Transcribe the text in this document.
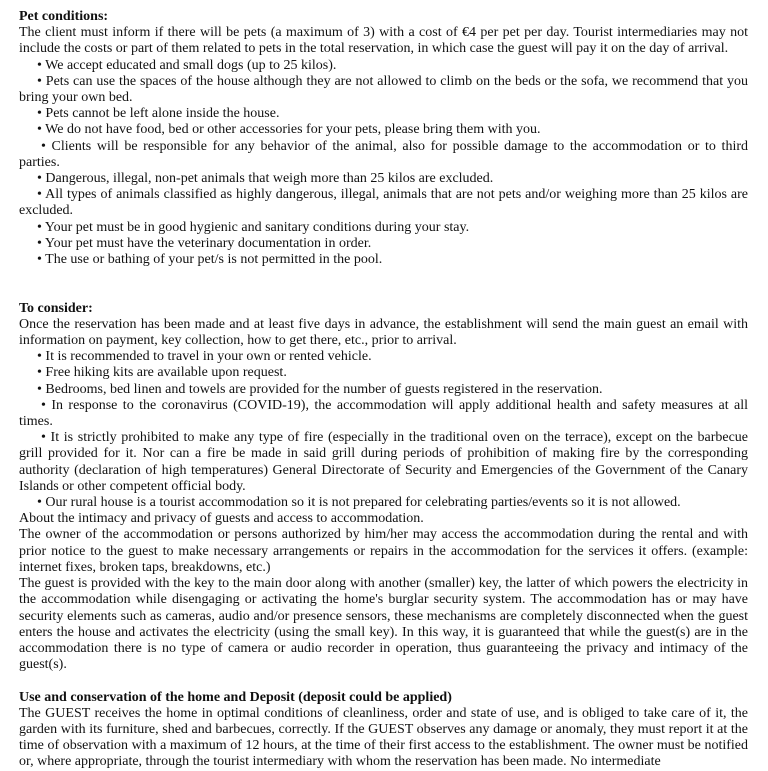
Pet conditions:

The client must inform if there will be pets (a maximum of 3) with a cost of €4 per pet per day. Tourist intermediaries may not include the costs or part of them related to pets in the total reservation, in which case the guest will pay it on the day of arrival.

• We accept educated and small dogs (up to 25 kilos).

• Pets can use the spaces of the house although they are not allowed to climb on the beds or the sofa, we recommend that you bring your own bed.

• Pets cannot be left alone inside the house.

• We do not have food, bed or other accessories for your pets, please bring them with you.

• Clients will be responsible for any behavior of the animal, also for possible damage to the accommodation or to third parties.

• Dangerous, illegal, non-pet animals that weigh more than 25 kilos are excluded.

• All types of animals classified as highly dangerous, illegal, animals that are not pets and/or weighing more than 25 kilos are excluded.

• Your pet must be in good hygienic and sanitary conditions during your stay.

• Your pet must have the veterinary documentation in order.

• The use or bathing of your pet/s is not permitted in the pool.

To consider:

Once the reservation has been made and at least five days in advance, the establishment will send the main guest an email with information on payment, key collection, how to get there, etc., prior to arrival.

• It is recommended to travel in your own or rented vehicle.

• Free hiking kits are available upon request.

• Bedrooms, bed linen and towels are provided for the number of guests registered in the reservation.

• In response to the coronavirus (COVID-19), the accommodation will apply additional health and safety measures at all times.

• It is strictly prohibited to make any type of fire (especially in the traditional oven on the terrace), except on the barbecue grill provided for it. Nor can a fire be made in said grill during periods of prohibition of making fire by the corresponding authority (declaration of high temperatures) General Directorate of Security and Emergencies of the Government of the Canary Islands or other competent official body.

• Our rural house is a tourist accommodation so it is not prepared for celebrating parties/events so it is not allowed.

About the intimacy and privacy of guests and access to accommodation.

The owner of the accommodation or persons authorized by him/her may access the accommodation during the rental and with prior notice to the guest to make necessary arrangements or repairs in the accommodation for the services it offers. (example: internet fixes, broken taps, breakdowns, etc.)

The guest is provided with the key to the main door along with another (smaller) key, the latter of which powers the electricity in the accommodation while disengaging or activating the home's burglar security system. The accommodation has or may have security elements such as cameras, audio and/or presence sensors, these mechanisms are completely disconnected when the guest enters the house and activates the electricity (using the small key). In this way, it is guaranteed that while the guest(s) are in the accommodation there is no type of camera or audio recorder in operation, thus guaranteeing the privacy and intimacy of the guest(s).

Use and conservation of the home and Deposit (deposit could be applied)

The GUEST receives the home in optimal conditions of cleanliness, order and state of use, and is obliged to take care of it, the garden with its furniture, shed and barbecues, correctly. If the GUEST observes any damage or anomaly, they must report it at the time of observation with a maximum of 12 hours, at the time of their first access to the establishment. The owner must be notified or, where appropriate, through the tourist intermediary with whom the reservation has been made. No intermediate
